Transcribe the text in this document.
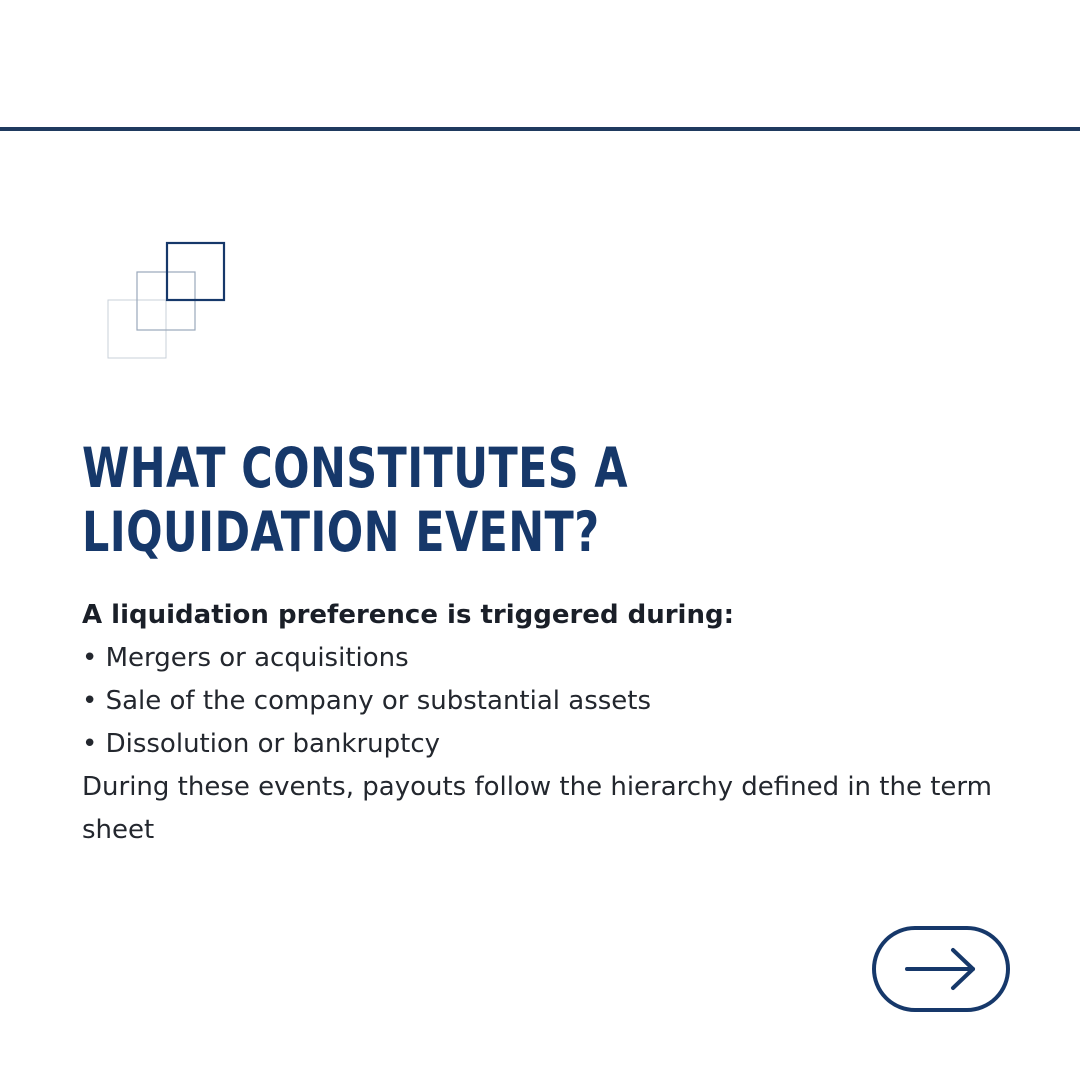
WHAT CONSTITUTES A
LIQUIDATION EVENT?
A liquidation preference is triggered during:
• Mergers or acquisitions
• Sale of the company or substantial assets
• Dissolution or bankruptcy
During these events, payouts follow the hierarchy defined in the term sheet
